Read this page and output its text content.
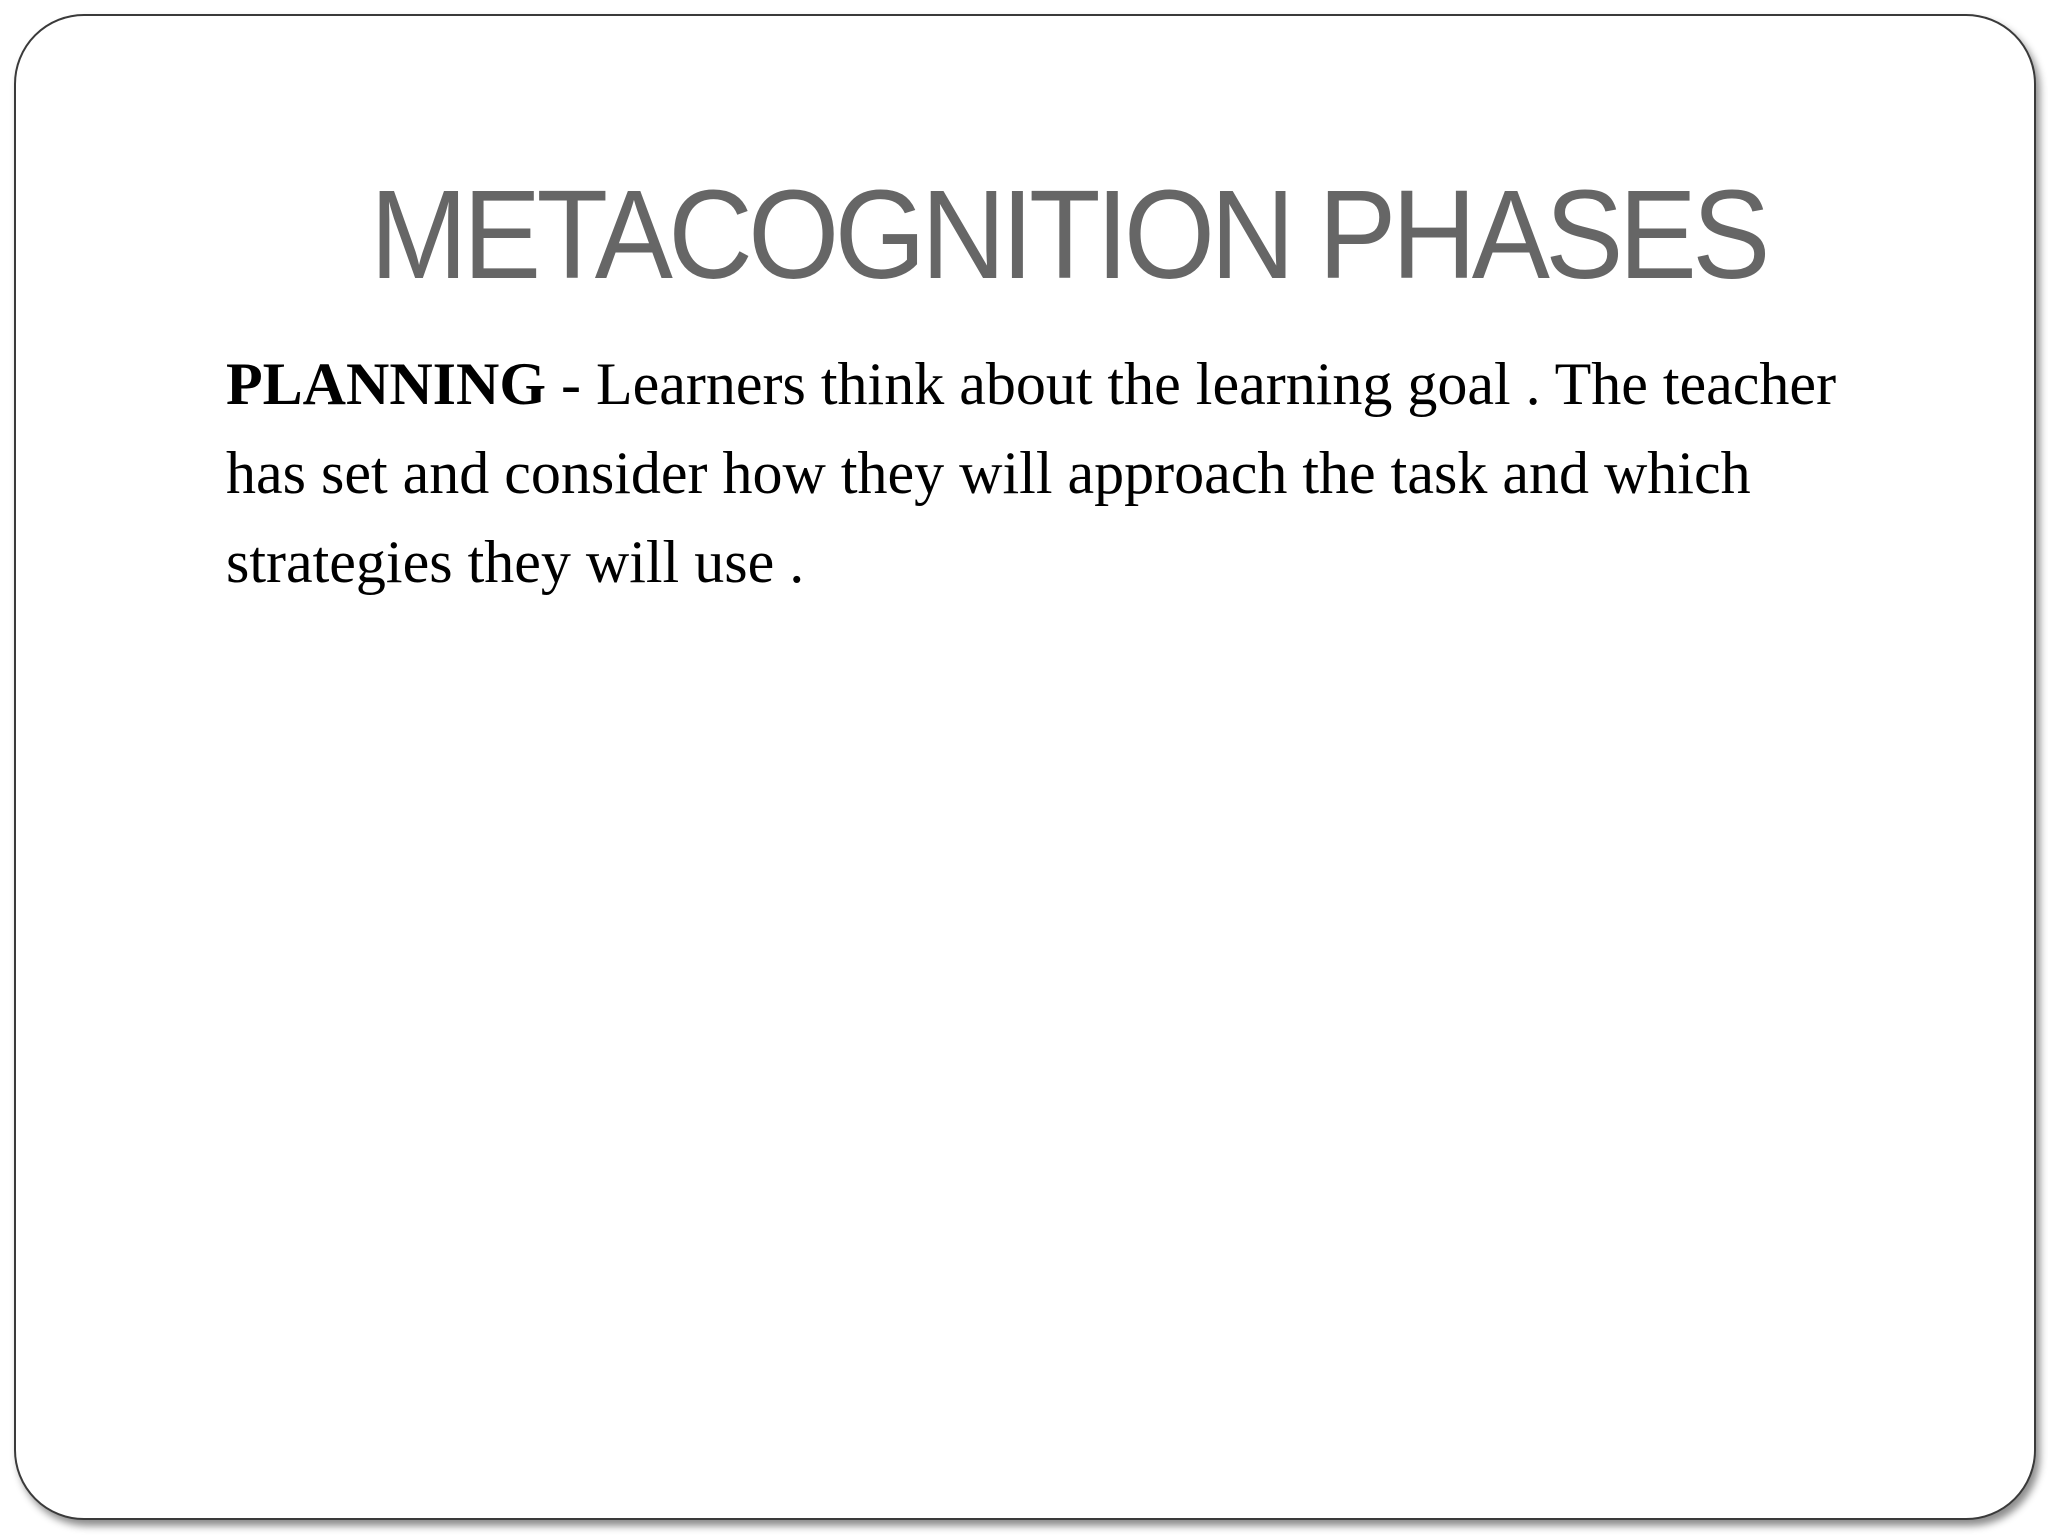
METACOGNITION PHASES

PLANNING - Learners think about the learning goal . The teacher has set and consider how they will approach the task and which strategies they will use .
